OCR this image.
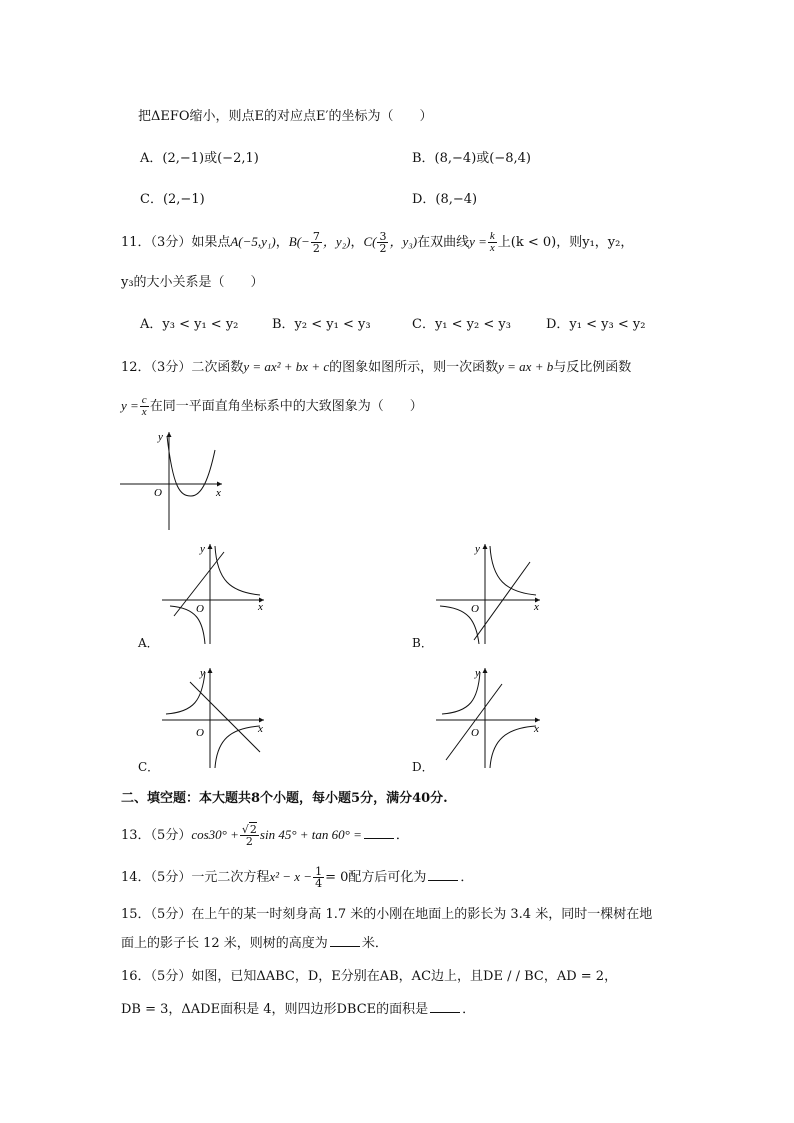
把ΔEFO缩小，则点E的对应点E′的坐标为（　　）
A．(2,−1)或(−2,1)	B．(8,−4)或(−8,4)
C．(2,−1)	D．(8,−4)
11．（3分）如果点A(−5,y₁)，$B(- \frac{7}{2}$ ，y₂)，$C( \frac{3}{2}$ ，y₃)在双曲线$y = \frac{k}{x}$ 上(k < 0)，则y₁，y₂，
y₃的大小关系是（　　）
A．y₃ < y₁ < y₂	B．y₂ < y₁ < y₃	C．y₁ < y₂ < y₃	D．y₁ < y₃ < y₂
12．（3分）二次函数y = ax² + bx + c的图象如图所示，则一次函数y = ax + b与反比例函数
$y = \frac{c}{x}$ 在同一平面直角坐标系中的大致图象为（　　）
x
y
O
x
y
O
A．
x
y
O
B．
x
y
O
C．
x
y
O
D．
二、填空题：本大题共8个小题，每小题5分，满分40分.
13．（5分）$\cos 30^\circ + \frac{√2}{2}$ sin 45° + tan 60° =	．
14．（5分）一元二次方程$x^2 - x - \frac{1}{4} = 0$配方后可化为	．
15．（5分）在上午的某一时刻身高 1.7 米的小刚在地面上的影长为 3.4 米，同时一棵树在地
面上的影子长 12 米，则树的高度为	米．
16．（5分）如图，已知ΔABC，D，E分别在AB，AC边上，且DE / / BC，AD = 2，
DB = 3，ΔADE面积是 4，则四边形DBCE的面积是	．
